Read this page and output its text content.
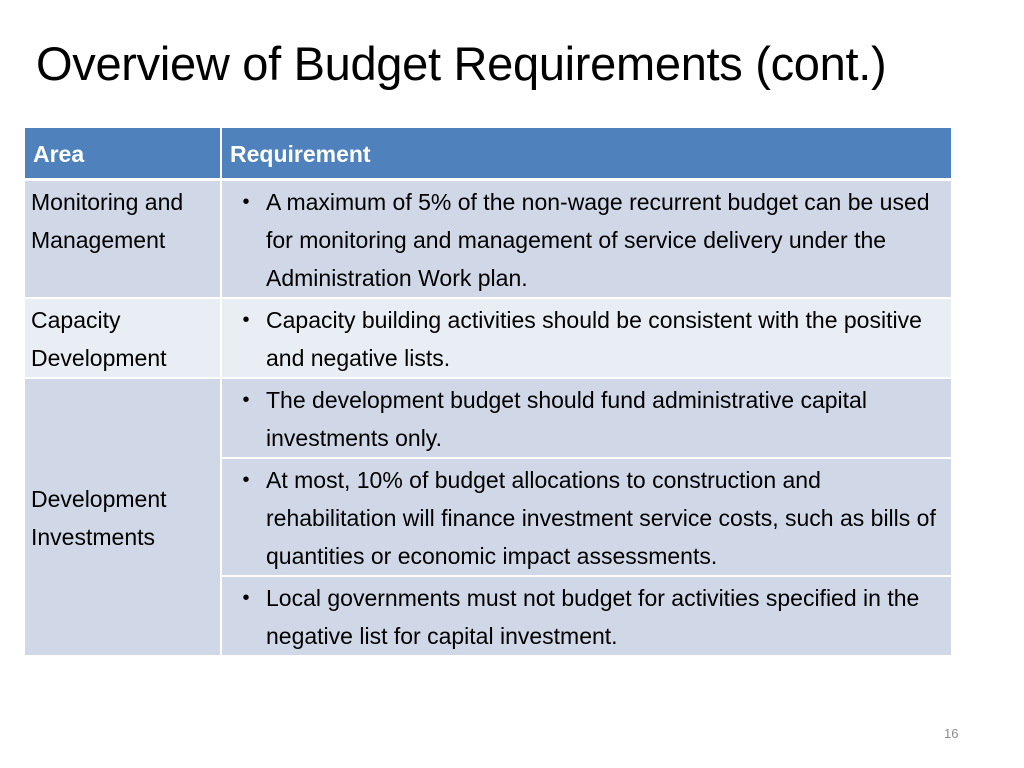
Overview of Budget Requirements (cont.)
Area	Requirement
Monitoring and Management	• A maximum of 5% of the non-wage recurrent budget can be used for monitoring and management of service delivery under the Administration Work plan.

Capacity Development	• Capacity building activities should be consistent with the positive and negative lists.

Development Investments	• The development budget should fund administrative capital investments only.

	• At most, 10% of budget allocations to construction and rehabilitation will finance investment service costs, such as bills of quantities or economic impact assessments.

	• Local governments must not budget for activities specified in the negative list for capital investment.
16
